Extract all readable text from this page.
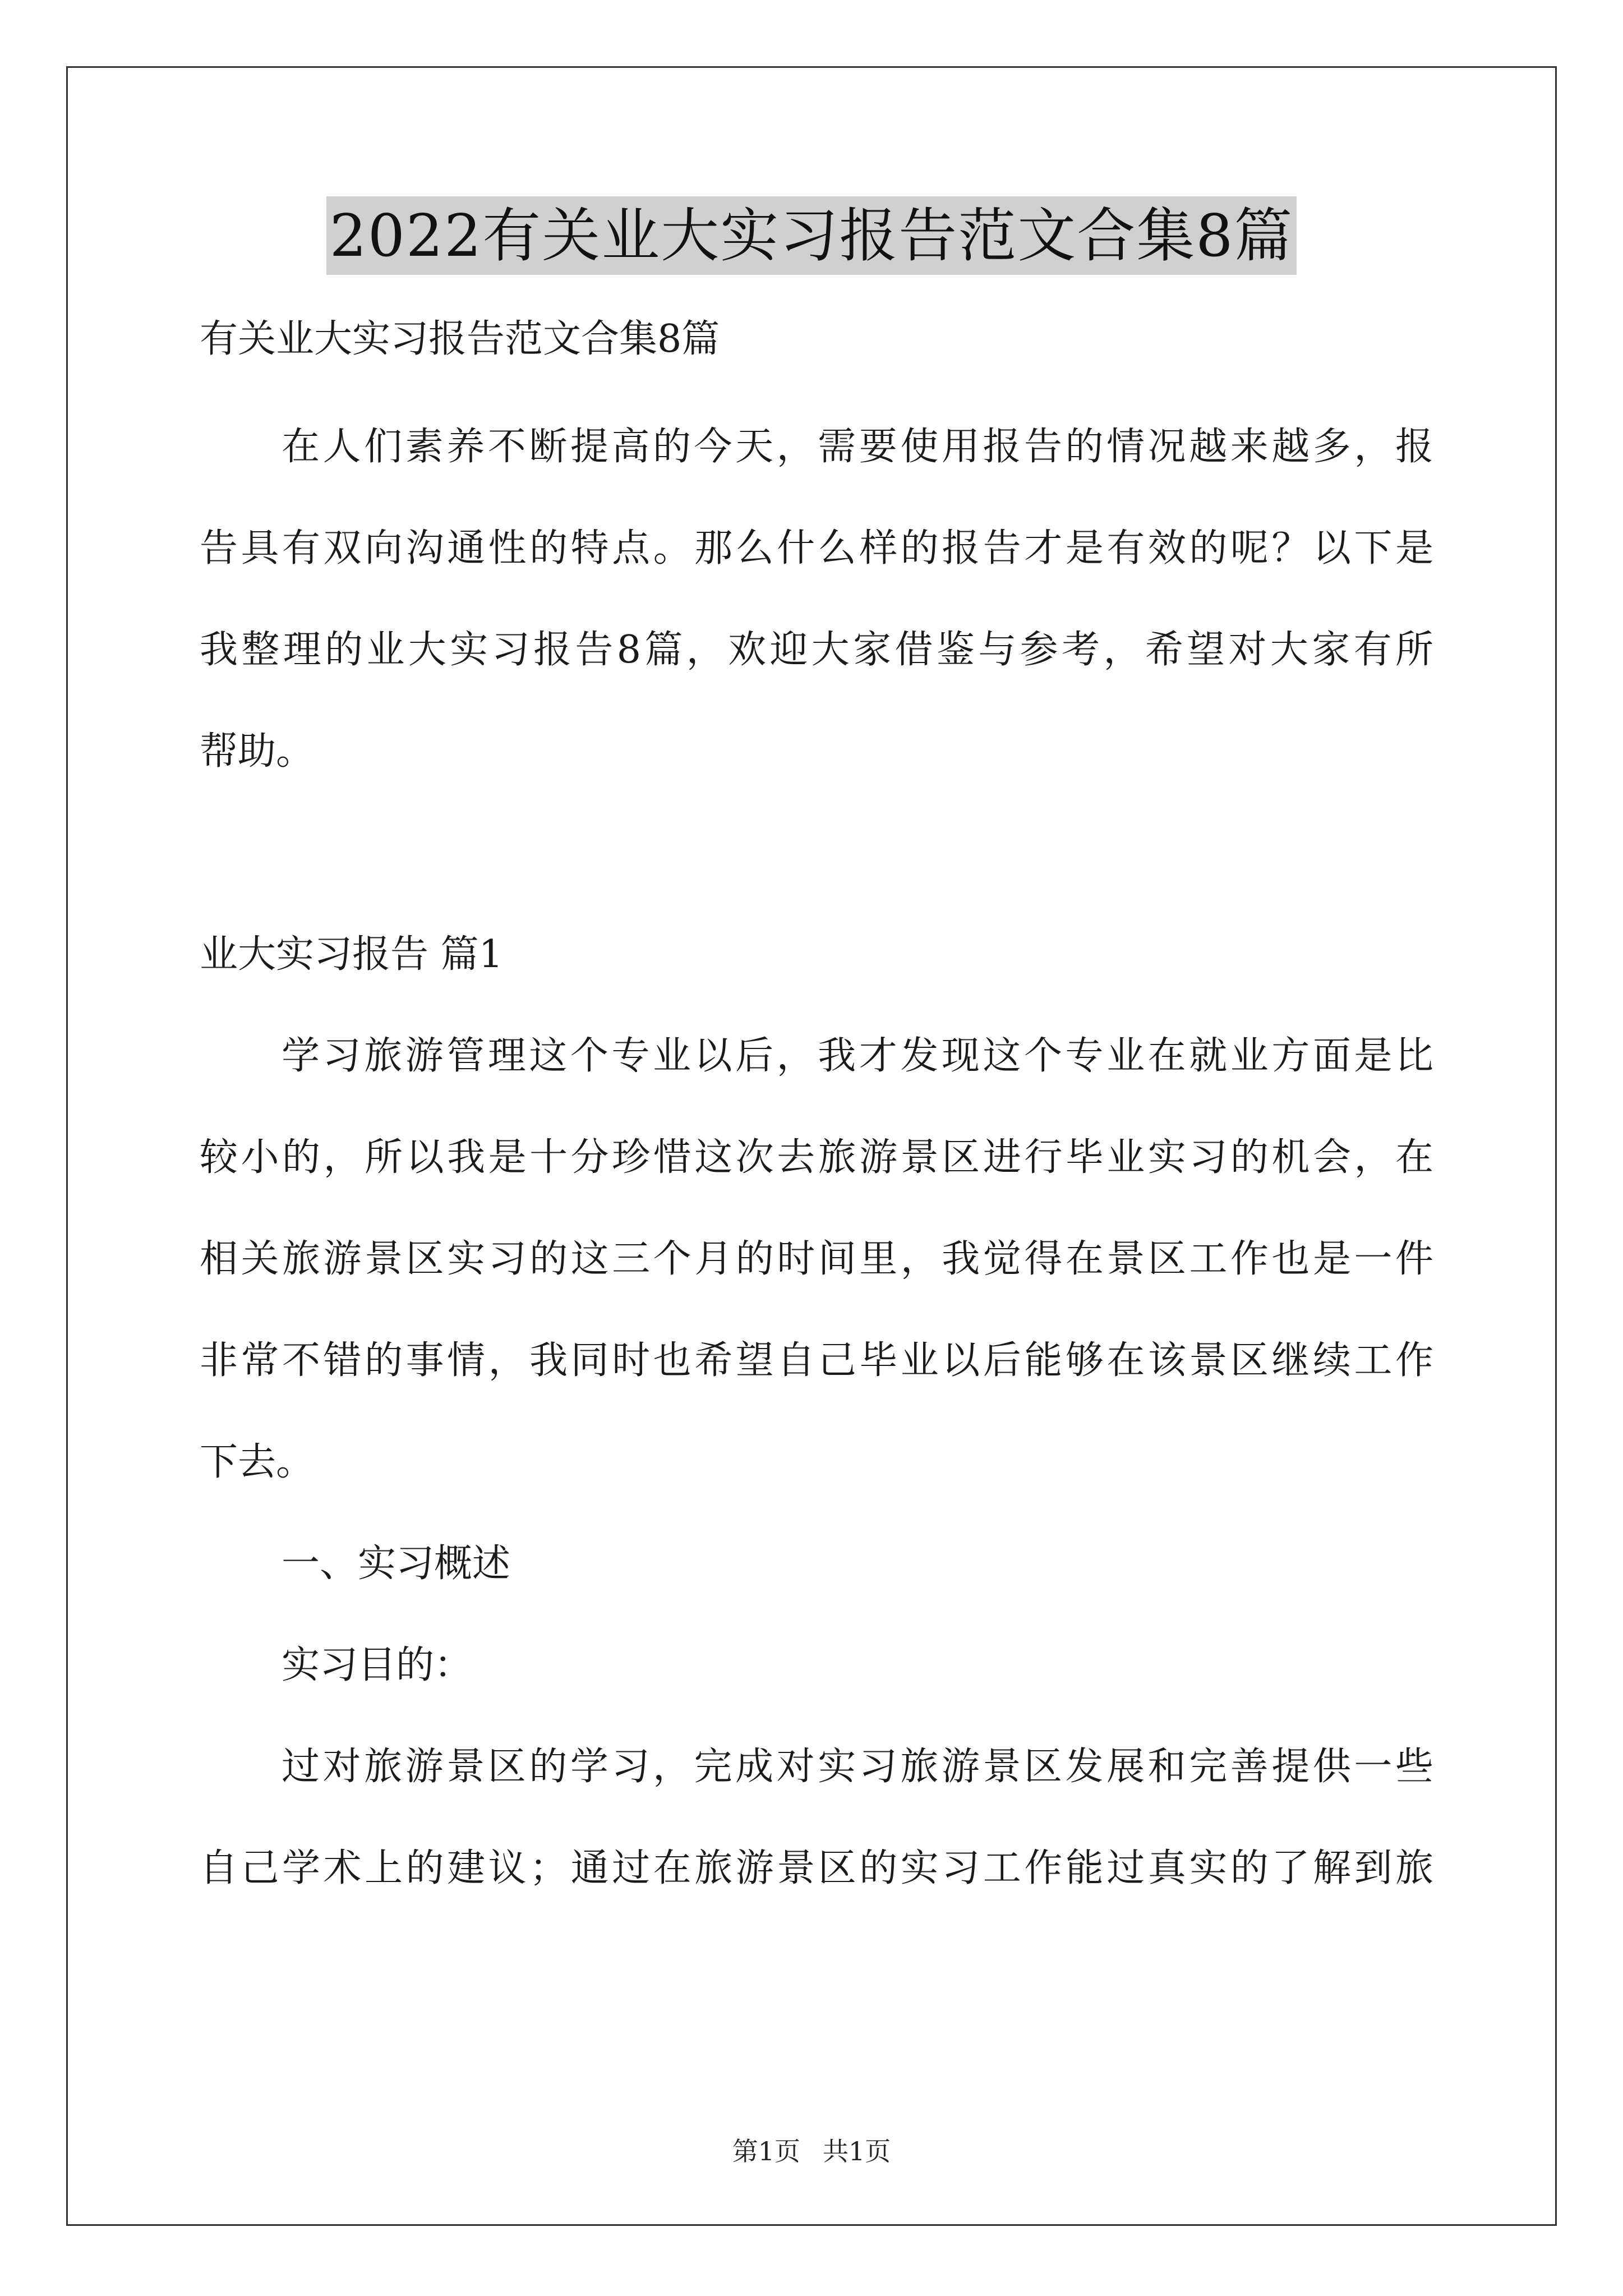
2022有关业大实习报告范文合集8篇
有关业大实习报告范文合集8篇
在人们素养不断提高的今天，需要使用报告的情况越来越多，报
告具有双向沟通性的特点。那么什么样的报告才是有效的呢？以下是
我整理的业大实习报告8篇，欢迎大家借鉴与参考，希望对大家有所
帮助。
业大实习报告 篇1
学习旅游管理这个专业以后，我才发现这个专业在就业方面是比
较小的，所以我是十分珍惜这次去旅游景区进行毕业实习的机会，在
相关旅游景区实习的这三个月的时间里，我觉得在景区工作也是一件
非常不错的事情，我同时也希望自己毕业以后能够在该景区继续工作
下去。
一、实习概述
实习目的：
过对旅游景区的学习，完成对实习旅游景区发展和完善提供一些
自己学术上的建议；通过在旅游景区的实习工作能过真实的了解到旅
第1页 共1页
